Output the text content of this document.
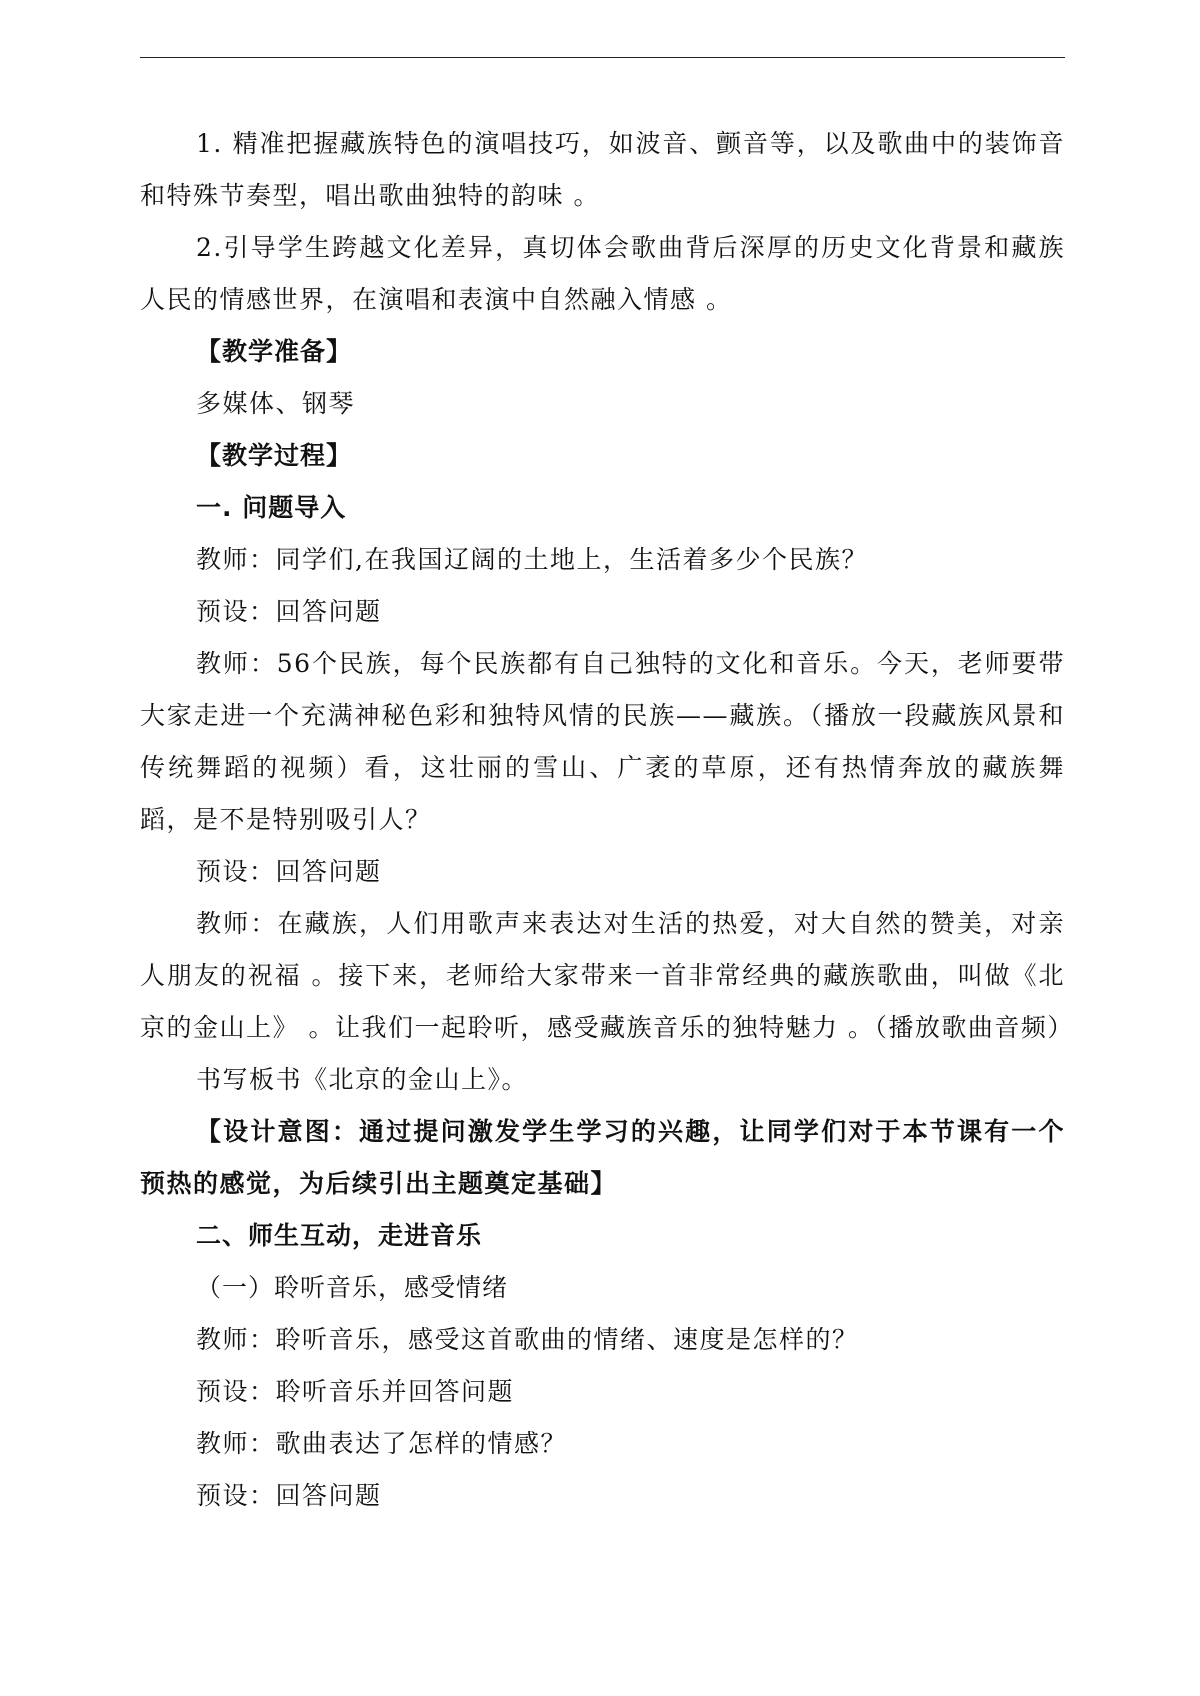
1. 精准把握藏族特色的演唱技巧，如波音、颤音等，以及歌曲中的装饰音和特殊节奏型，唱出歌曲独特的韵味 。

2.引导学生跨越文化差异，真切体会歌曲背后深厚的历史文化背景和藏族人民的情感世界，在演唱和表演中自然融入情感 。

【教学准备】

多媒体、钢琴

【教学过程】

一. 问题导入

教师：同学们,在我国辽阔的土地上，生活着多少个民族？

预设：回答问题

教师：56个民族，每个民族都有自己独特的文化和音乐。今天，老师要带大家走进一个充满神秘色彩和独特风情的民族——藏族。（播放一段藏族风景和传统舞蹈的视频）看，这壮丽的雪山、广袤的草原，还有热情奔放的藏族舞蹈，是不是特别吸引人？

预设：回答问题

教师：在藏族，人们用歌声来表达对生活的热爱，对大自然的赞美，对亲人朋友的祝福 。接下来，老师给大家带来一首非常经典的藏族歌曲，叫做《北京的金山上》 。让我们一起聆听，感受藏族音乐的独特魅力 。（播放歌曲音频）

书写板书《北京的金山上》。

【设计意图：通过提问激发学生学习的兴趣，让同学们对于本节课有一个预热的感觉，为后续引出主题奠定基础】

二、师生互动，走进音乐

（一）聆听音乐，感受情绪

教师：聆听音乐，感受这首歌曲的情绪、速度是怎样的？

预设：聆听音乐并回答问题

教师：歌曲表达了怎样的情感？

预设：回答问题
